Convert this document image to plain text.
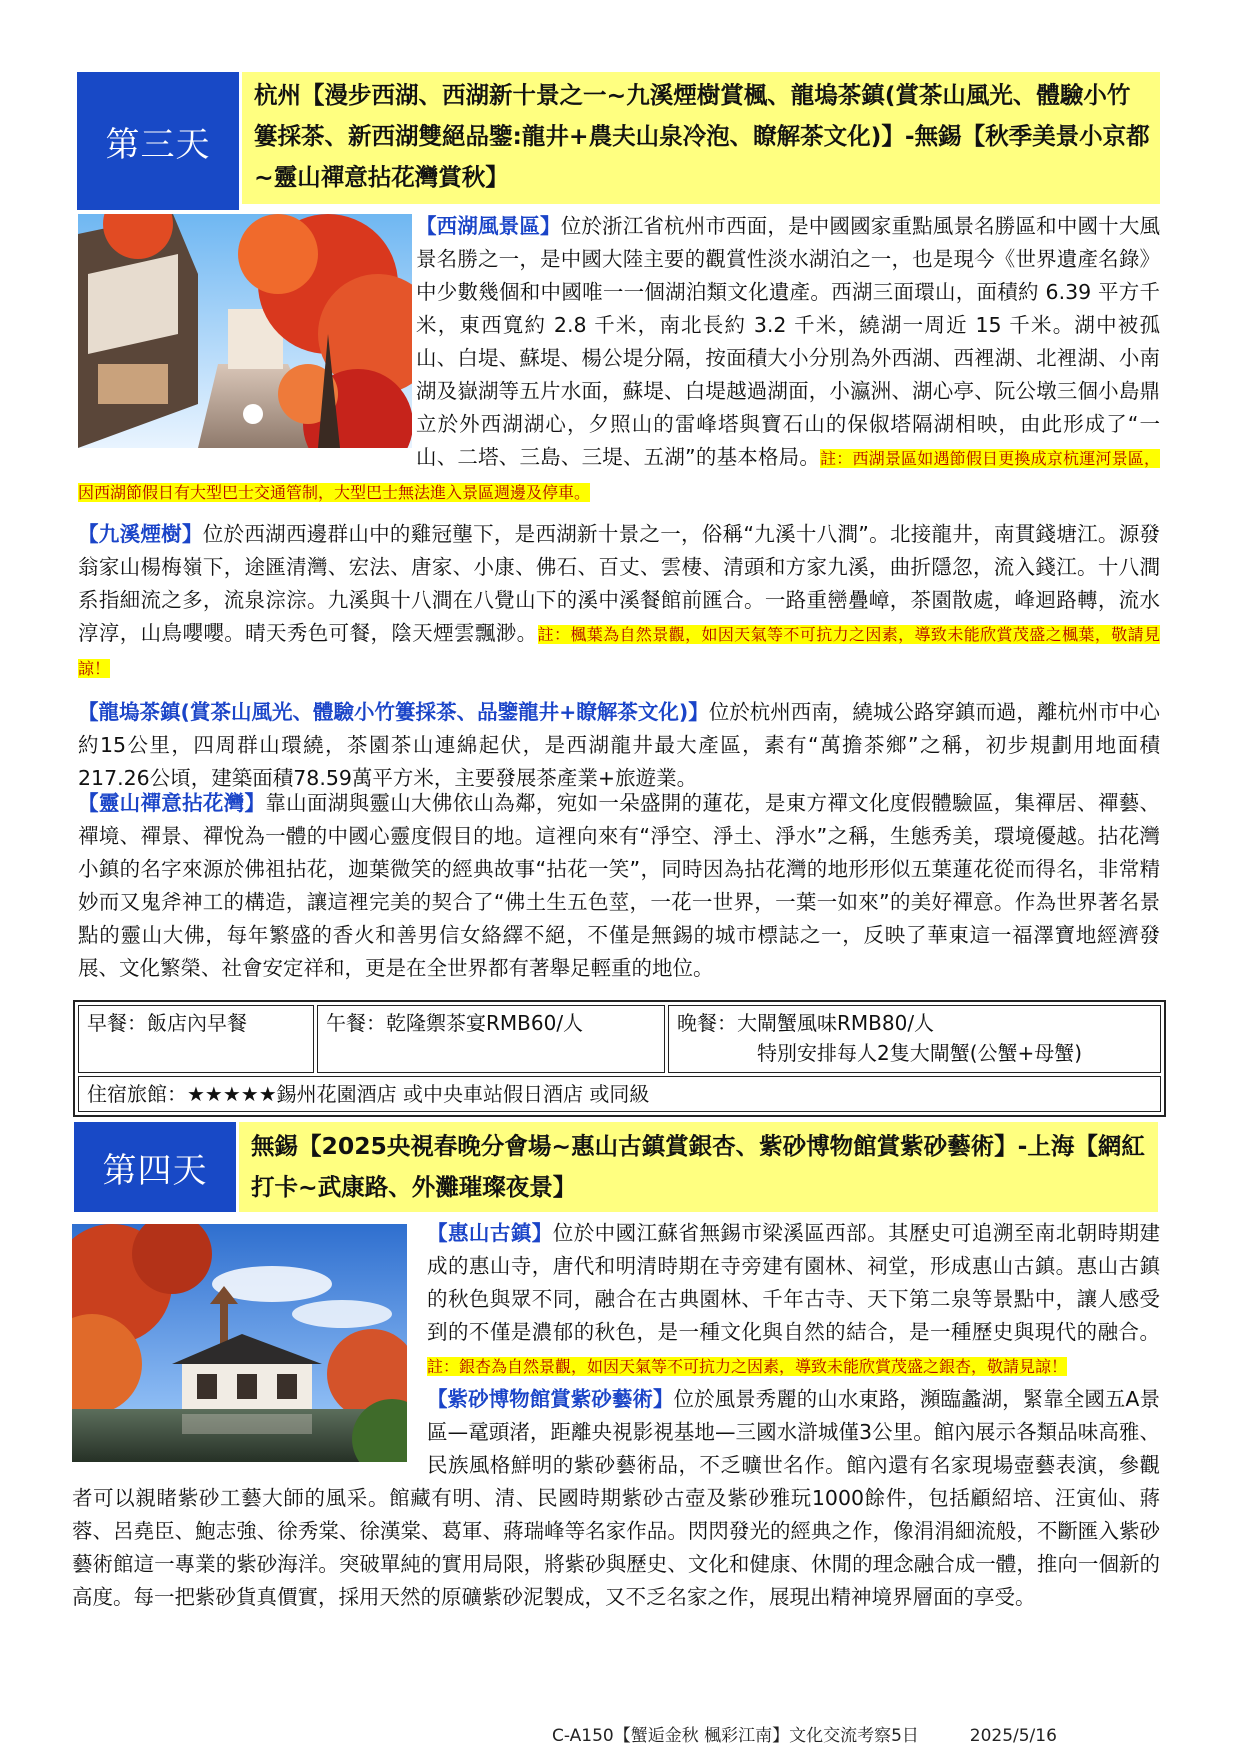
第三天
杭州【漫步西湖、西湖新十景之一~九溪煙樹賞楓、龍塢茶鎮(賞茶山風光、體驗小竹簍採茶、新西湖雙絕品鑒:龍井+農夫山泉冷泡、瞭解茶文化)】-無錫【秋季美景小京都~靈山禪意拈花灣賞秋】
【西湖風景區】位於浙江省杭州市西面，是中國國家重點風景名勝區和中國十大風景名勝之一，是中國大陸主要的觀賞性淡水湖泊之一，也是現今《世界遺產名錄》中少數幾個和中國唯一一個湖泊類文化遺產。西湖三面環山，面積約 6.39 平方千米，東西寬約 2.8 千米，南北長約 3.2 千米，繞湖一周近 15 千米。湖中被孤山、白堤、蘇堤、楊公堤分隔，按面積大小分別為外西湖、西裡湖、北裡湖、小南湖及嶽湖等五片水面，蘇堤、白堤越過湖面，小瀛洲、湖心亭、阮公墩三個小島鼎立於外西湖湖心，夕照山的雷峰塔與寶石山的保俶塔隔湖相映，由此形成了“一山、二塔、三島、三堤、五湖”的基本格局。註：西湖景區如遇節假日更換成京杭運河景區，因西湖節假日有大型巴士交通管制，大型巴士無法進入景區週邊及停車。
【九溪煙樹】位於西湖西邊群山中的雞冠壟下，是西湖新十景之一，俗稱“九溪十八澗”。北接龍井，南貫錢塘江。源發翁家山楊梅嶺下，途匯清灣、宏法、唐家、小康、佛石、百丈、雲棲、清頭和方家九溪，曲折隱忽，流入錢江。十八澗系指細流之多，流泉淙淙。九溪與十八澗在八覺山下的溪中溪餐館前匯合。一路重巒疊嶂，茶園散處，峰迴路轉，流水淳淳，山鳥嚶嚶。晴天秀色可餐，陰天煙雲飄渺。註：楓葉為自然景觀，如因天氣等不可抗力之因素，導致未能欣賞茂盛之楓葉，敬請見諒！
【龍塢茶鎮(賞茶山風光、體驗小竹簍採茶、品鑒龍井+瞭解茶文化)】位於杭州西南，繞城公路穿鎮而過，離杭州市中心約15公里，四周群山環繞，茶園茶山連綿起伏，是西湖龍井最大產區，素有“萬擔茶鄉”之稱，初步規劃用地面積217.26公頃，建築面積78.59萬平方米，主要發展茶產業+旅遊業。
【靈山禪意拈花灣】靠山面湖與靈山大佛依山為鄰，宛如一朵盛開的蓮花，是東方禪文化度假體驗區，集禪居、禪藝、禪境、禪景、禪悅為一體的中國心靈度假目的地。這裡向來有“淨空、淨土、淨水”之稱，生態秀美，環境優越。拈花灣小鎮的名字來源於佛祖拈花，迦葉微笑的經典故事“拈花一笑”，同時因為拈花灣的地形形似五葉蓮花從而得名，非常精妙而又鬼斧神工的構造，讓這裡完美的契合了“佛土生五色莖，一花一世界，一葉一如來”的美好禪意。作為世界著名景點的靈山大佛，每年繁盛的香火和善男信女絡繹不絕，不僅是無錫的城市標誌之一，反映了華東這一福澤寶地經濟發展、文化繁榮、社會安定祥和，更是在全世界都有著舉足輕重的地位。
早餐：飯店內早餐	午餐：乾隆禦茶宴RMB60/人	晚餐：大閘蟹風味RMB80/人
特別安排每人2隻大閘蟹(公蟹+母蟹)

住宿旅館：★★★★★錫州花園酒店 或中央車站假日酒店 或同級
第四天
無錫【2025央視春晚分會場~惠山古鎮賞銀杏、紫砂博物館賞紫砂藝術】-上海【網紅打卡~武康路、外灘璀璨夜景】
【惠山古鎮】位於中國江蘇省無錫市梁溪區西部。其歷史可追溯至南北朝時期建成的惠山寺，唐代和明清時期在寺旁建有園林、祠堂，形成惠山古鎮。惠山古鎮的秋色與眾不同，融合在古典園林、千年古寺、天下第二泉等景點中，讓人感受到的不僅是濃郁的秋色，是一種文化與自然的結合，是一種歷史與現代的融合。註：銀杏為自然景觀，如因天氣等不可抗力之因素，導致未能欣賞茂盛之銀杏，敬請見諒！
【紫砂博物館賞紫砂藝術】位於風景秀麗的山水東路，瀕臨蠡湖，緊靠全國五A景區—鼋頭渚，距離央視影視基地—三國水滸城僅3公里。館內展示各類品味高雅、民族風格鮮明的紫砂藝術品，不乏曠世名作。館內還有名家現場壺藝表演，參觀者可以親睹紫砂工藝大師的風采。館藏有明、清、民國時期紫砂古壺及紫砂雅玩1000餘件，包括顧紹培、汪寅仙、蔣蓉、呂堯臣、鮑志強、徐秀棠、徐漢棠、葛軍、蔣瑞峰等名家作品。閃閃發光的經典之作，像涓涓細流般，不斷匯入紫砂藝術館這一專業的紫砂海洋。突破單純的實用局限，將紫砂與歷史、文化和健康、休閒的理念融合成一體，推向一個新的高度。每一把紫砂貨真價實，採用天然的原礦紫砂泥製成，又不乏名家之作，展現出精神境界層面的享受。
C-A150【蟹逅金秋 楓彩江南】文化交流考察5日	2025/5/16
